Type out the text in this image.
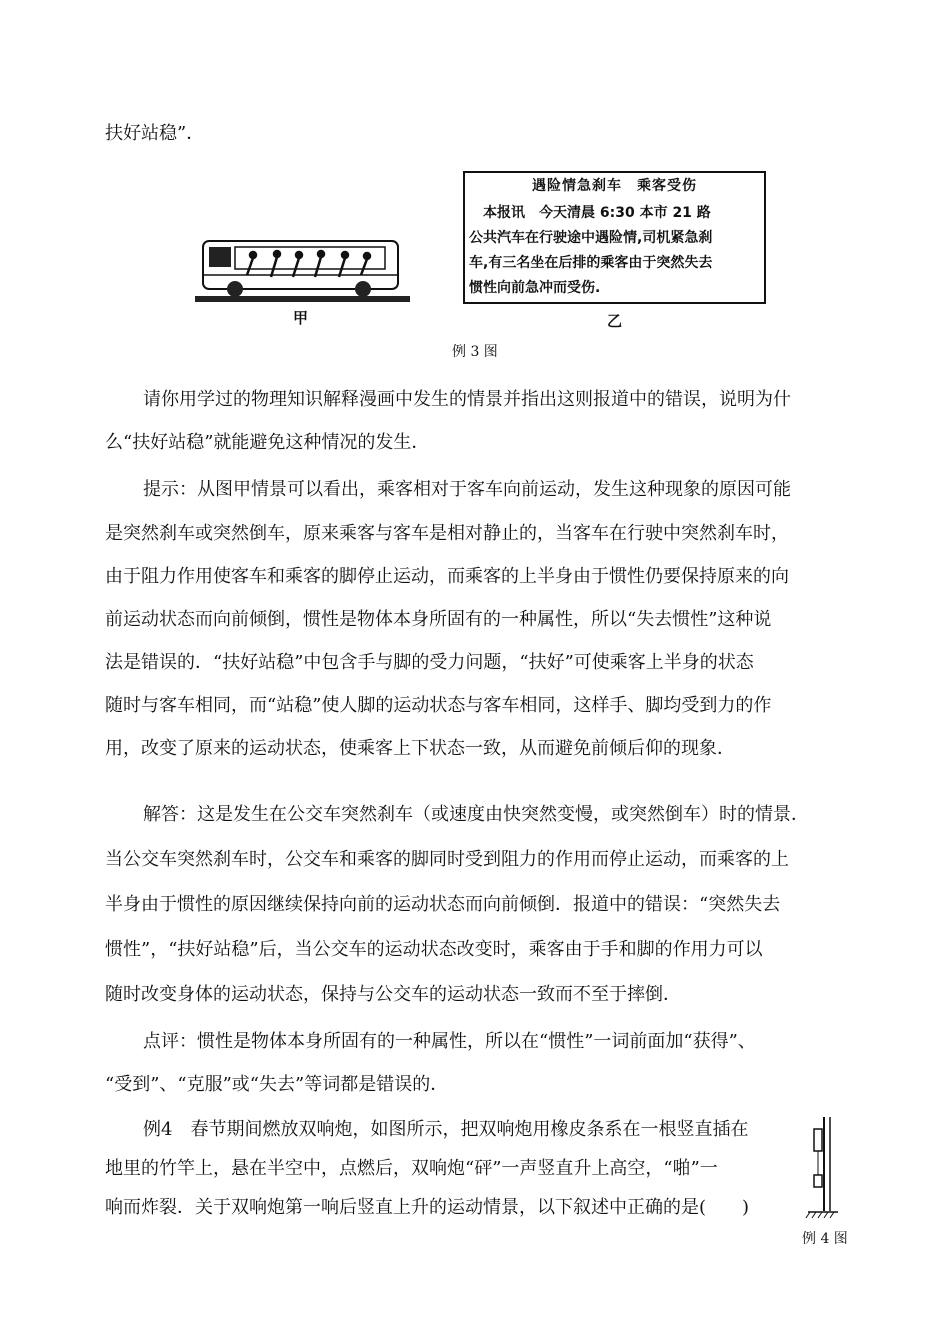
扶好站稳”．
甲
遇险情急刹车　乘客受伤
　本报讯　今天清晨 6:30 本市 21 路
公共汽车在行驶途中遇险情,司机紧急刹
车,有三名坐在后排的乘客由于突然失去
惯性向前急冲而受伤.
乙
例 3 图
请你用学过的物理知识解释漫画中发生的情景并指出这则报道中的错误，说明为什
么“扶好站稳”就能避免这种情况的发生．
提示：从图甲情景可以看出，乘客相对于客车向前运动，发生这种现象的原因可能
是突然刹车或突然倒车，原来乘客与客车是相对静止的，当客车在行驶中突然刹车时，
由于阻力作用使客车和乘客的脚停止运动，而乘客的上半身由于惯性仍要保持原来的向
前运动状态而向前倾倒，惯性是物体本身所固有的一种属性，所以“失去惯性”这种说
法是错误的．“扶好站稳”中包含手与脚的受力问题，“扶好”可使乘客上半身的状态
随时与客车相同，而“站稳”使人脚的运动状态与客车相同，这样手、脚均受到力的作
用，改变了原来的运动状态，使乘客上下状态一致，从而避免前倾后仰的现象．
解答：这是发生在公交车突然刹车（或速度由快突然变慢，或突然倒车）时的情景．
当公交车突然刹车时，公交车和乘客的脚同时受到阻力的作用而停止运动，而乘客的上
半身由于惯性的原因继续保持向前的运动状态而向前倾倒．报道中的错误：“突然失去
惯性”，“扶好站稳”后，当公交车的运动状态改变时，乘客由于手和脚的作用力可以
随时改变身体的运动状态，保持与公交车的运动状态一致而不至于摔倒．
点评：惯性是物体本身所固有的一种属性，所以在“惯性”一词前面加“获得”、
“受到”、“克服”或“失去”等词都是错误的．
例4　春节期间燃放双响炮，如图所示，把双响炮用橡皮条系在一根竖直插在
地里的竹竿上，悬在半空中，点燃后，双响炮“砰”一声竖直升上高空，“啪”一
响而炸裂．关于双响炮第一响后竖直上升的运动情景，以下叙述中正确的是( )
例 4 图
